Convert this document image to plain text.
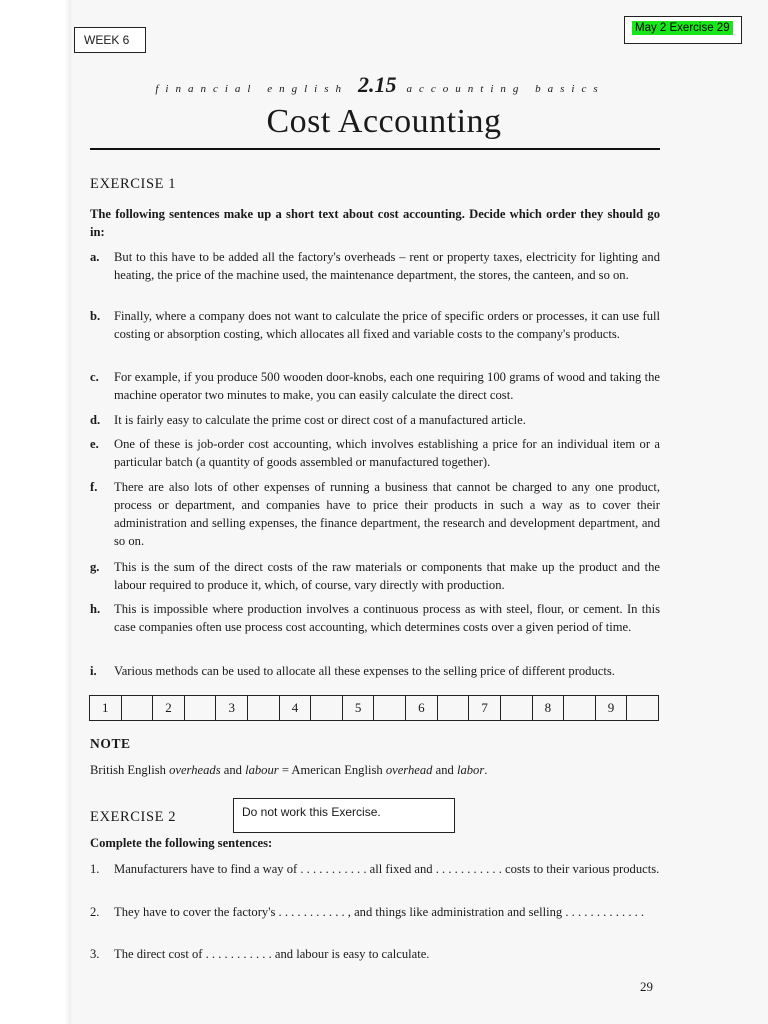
WEEK 6
May 2 Exercise 29
financial english 2.15 accounting basics
Cost Accounting
EXERCISE 1
The following sentences make up a short text about cost accounting. Decide which order they should go in:
a.	But to this have to be added all the factory's overheads – rent or property taxes, electricity for lighting and heating, the price of the machine used, the maintenance department, the stores, the canteen, and so on.
b.	Finally, where a company does not want to calculate the price of specific orders or processes, it can use full costing or absorption costing, which allocates all fixed and variable costs to the company's products.
c.	For example, if you produce 500 wooden door-knobs, each one requiring 100 grams of wood and taking the machine operator two minutes to make, you can easily calculate the direct cost.
d.	It is fairly easy to calculate the prime cost or direct cost of a manufactured article.
e.	One of these is job-order cost accounting, which involves establishing a price for an individual item or a particular batch (a quantity of goods assembled or manufactured together).
f.	There are also lots of other expenses of running a business that cannot be charged to any one product, process or department, and companies have to price their products in such a way as to cover their administration and selling expenses, the finance department, the research and development department, and so on.
g.	This is the sum of the direct costs of the raw materials or components that make up the product and the labour required to produce it, which, of course, vary directly with production.
h.	This is impossible where production involves a continuous process as with steel, flour, or cement. In this case companies often use process cost accounting, which determines costs over a given period of time.
i.	Various methods can be used to allocate all these expenses to the selling price of different products.
1		2		3		4		5		6		7		8		9	
NOTE
British English overheads and labour = American English overhead and labor.
EXERCISE 2	Do not work this Exercise.
Complete the following sentences:
1.	Manufacturers have to find a way of . . . . . . . . . . . all fixed and . . . . . . . . . . . costs to their various products.
2.	They have to cover the factory's . . . . . . . . . . . , and things like administration and selling . . . . . . . . . . . . .
3.	The direct cost of . . . . . . . . . . . and labour is easy to calculate.
29
